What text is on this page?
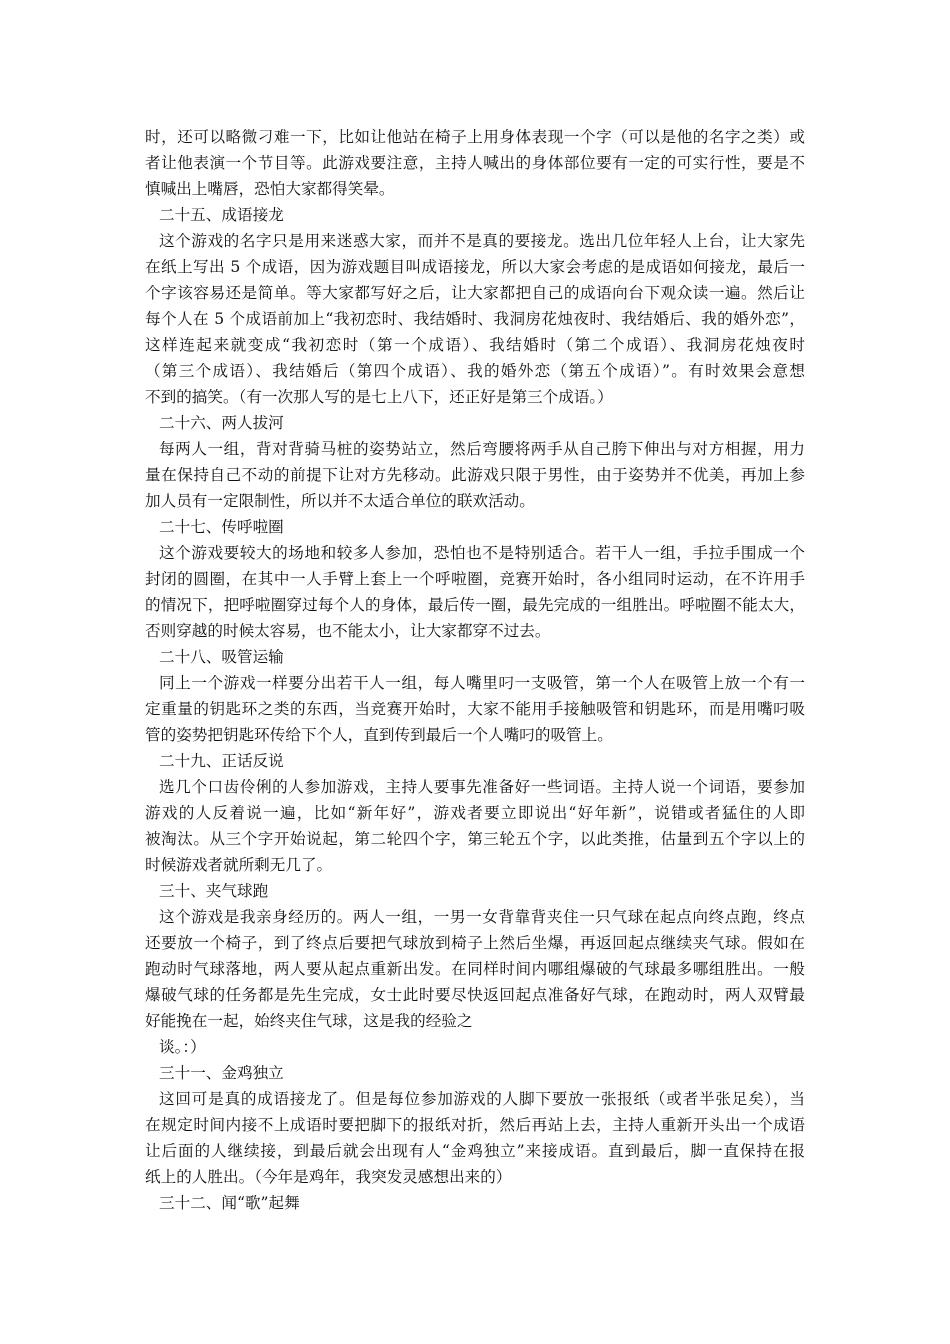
时，还可以略微刁难一下，比如让他站在椅子上用身体表现一个字（可以是他的名字之类）或
者让他表演一个节目等。此游戏要注意，主持人喊出的身体部位要有一定的可实行性，要是不
慎喊出上嘴唇，恐怕大家都得笑晕。
二十五、成语接龙
这个游戏的名字只是用来迷惑大家，而并不是真的要接龙。选出几位年轻人上台，让大家先
在纸上写出 5 个成语，因为游戏题目叫成语接龙，所以大家会考虑的是成语如何接龙，最后一
个字该容易还是简单。等大家都写好之后，让大家都把自己的成语向台下观众读一遍。然后让
每个人在 5 个成语前加上“我初恋时、我结婚时、我洞房花烛夜时、我结婚后、我的婚外恋”，
这样连起来就变成“我初恋时（第一个成语）、我结婚时（第二个成语）、我洞房花烛夜时
（第三个成语）、我结婚后（第四个成语）、我的婚外恋（第五个成语）”。有时效果会意想
不到的搞笑。（有一次那人写的是七上八下，还正好是第三个成语。）
二十六、两人拔河
每两人一组，背对背骑马桩的姿势站立，然后弯腰将两手从自己胯下伸出与对方相握，用力
量在保持自己不动的前提下让对方先移动。此游戏只限于男性，由于姿势并不优美，再加上参
加人员有一定限制性，所以并不太适合单位的联欢活动。
二十七、传呼啦圈
这个游戏要较大的场地和较多人参加，恐怕也不是特别适合。若干人一组，手拉手围成一个
封闭的圆圈，在其中一人手臂上套上一个呼啦圈，竞赛开始时，各小组同时运动，在不许用手
的情况下，把呼啦圈穿过每个人的身体，最后传一圈，最先完成的一组胜出。呼啦圈不能太大，
否则穿越的时候太容易，也不能太小，让大家都穿不过去。
二十八、吸管运输
同上一个游戏一样要分出若干人一组，每人嘴里叼一支吸管，第一个人在吸管上放一个有一
定重量的钥匙环之类的东西，当竞赛开始时，大家不能用手接触吸管和钥匙环，而是用嘴叼吸
管的姿势把钥匙环传给下个人，直到传到最后一个人嘴叼的吸管上。
二十九、正话反说
选几个口齿伶俐的人参加游戏，主持人要事先准备好一些词语。主持人说一个词语，要参加
游戏的人反着说一遍，比如“新年好”，游戏者要立即说出“好年新”，说错或者猛住的人即
被淘汰。从三个字开始说起，第二轮四个字，第三轮五个字，以此类推，估量到五个字以上的
时候游戏者就所剩无几了。
三十、夹气球跑
这个游戏是我亲身经历的。两人一组，一男一女背靠背夹住一只气球在起点向终点跑，终点
还要放一个椅子，到了终点后要把气球放到椅子上然后坐爆，再返回起点继续夹气球。假如在
跑动时气球落地，两人要从起点重新出发。在同样时间内哪组爆破的气球最多哪组胜出。一般
爆破气球的任务都是先生完成，女士此时要尽快返回起点准备好气球，在跑动时，两人双臂最
好能挽在一起，始终夹住气球，这是我的经验之
谈。：）
三十一、金鸡独立
这回可是真的成语接龙了。但是每位参加游戏的人脚下要放一张报纸（或者半张足矣），当
在规定时间内接不上成语时要把脚下的报纸对折，然后再站上去，主持人重新开头出一个成语
让后面的人继续接，到最后就会出现有人“金鸡独立”来接成语。直到最后，脚一直保持在报
纸上的人胜出。（今年是鸡年，我突发灵感想出来的）
三十二、闻“歌”起舞
